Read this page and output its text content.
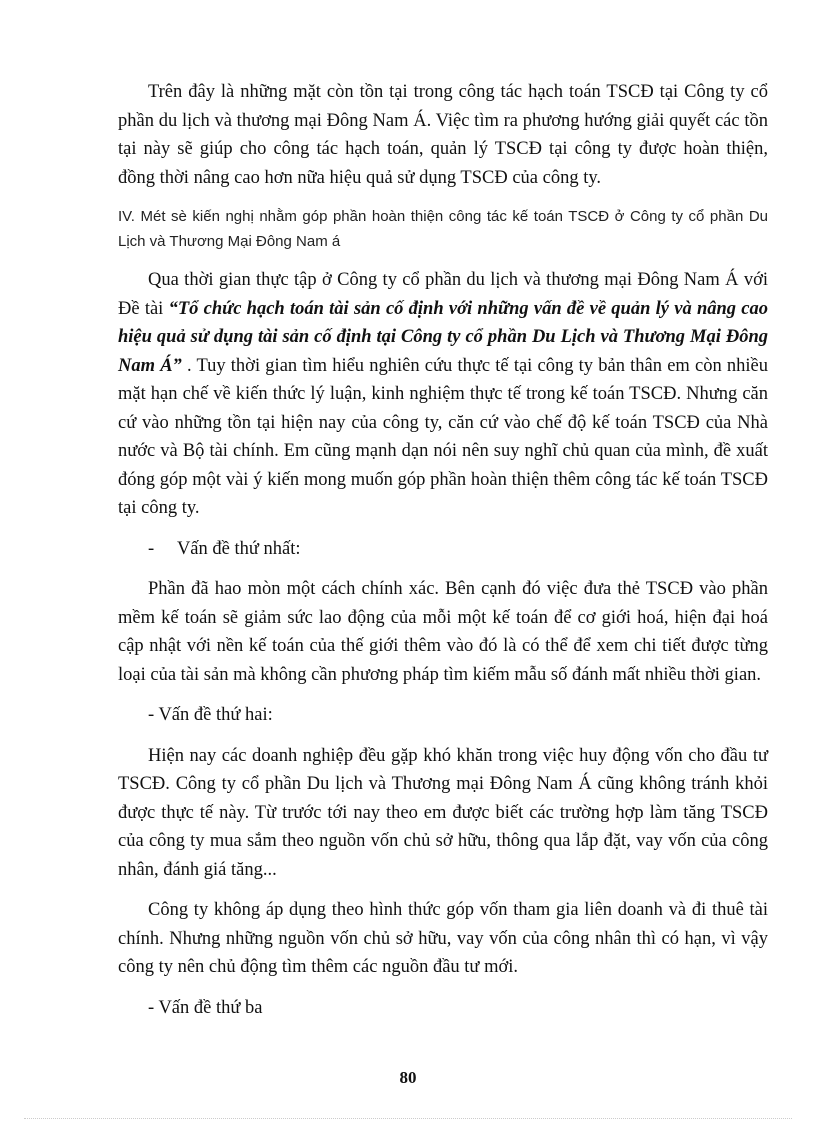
Trên đây là những mặt còn tồn tại trong công tác hạch toán TSCĐ tại Công ty cổ phần du lịch và thương mại Đông Nam Á. Việc tìm ra phương hướng giải quyết các tồn tại này sẽ giúp cho công tác hạch toán, quản lý TSCĐ tại công ty được hoàn thiện, đồng thời nâng cao hơn nữa hiệu quả sử dụng TSCĐ của công ty.

IV. Mét sè kiến nghị nhằm góp phần hoàn thiện công tác kế toán TSCĐ ở Công ty cổ phần Du Lịch và Thương Mại Đông Nam á

Qua thời gian thực tập ở Công ty cổ phần du lịch và thương mại Đông Nam Á với Đề tài “Tổ chức hạch toán tài sản cố định với những vấn đề về quản lý và nâng cao hiệu quả sử dụng tài sản cố định tại Công ty cổ phần Du Lịch và Thương Mại Đông Nam Á” . Tuy thời gian tìm hiểu nghiên cứu thực tế tại công ty bản thân em còn nhiều mặt hạn chế về kiến thức lý luận, kinh nghiệm thực tế trong kế toán TSCĐ. Nhưng căn cứ vào những tồn tại hiện nay của công ty, căn cứ vào chế độ kế toán TSCĐ của Nhà nước và Bộ tài chính. Em cũng mạnh dạn nói nên suy nghĩ chủ quan của mình, đề xuất đóng góp một vài ý kiến mong muốn góp phần hoàn thiện thêm công tác kế toán TSCĐ tại công ty.

-     Vấn đề thứ nhất:

Phần đã hao mòn một cách chính xác. Bên cạnh đó việc đưa thẻ TSCĐ vào phần mềm kế toán sẽ giảm sức lao động của mỗi một kế toán để cơ giới hoá, hiện đại hoá cập nhật với nền kế toán của thế giới thêm vào đó là có thể để xem chi tiết được từng loại của tài sản mà không cần phương pháp tìm kiếm mẫu số đánh mất nhiều thời gian.

- Vấn đề thứ hai:

Hiện nay các doanh nghiệp đều gặp khó khăn trong việc huy động vốn cho đầu tư TSCĐ. Công ty cổ phần Du lịch và Thương mại Đông Nam Á cũng không tránh khỏi được thực tế này. Từ trước tới nay theo em được biết các trường hợp làm tăng TSCĐ của công ty mua sắm theo nguồn vốn chủ sở hữu, thông qua lắp đặt, vay vốn của công nhân, đánh giá tăng...

Công ty không áp dụng theo hình thức góp vốn tham gia liên doanh và đi thuê tài chính. Nhưng những nguồn vốn chủ sở hữu, vay vốn của công nhân thì có hạn, vì vậy công ty nên chủ động tìm thêm các nguồn đầu tư mới.

- Vấn đề thứ ba

80
